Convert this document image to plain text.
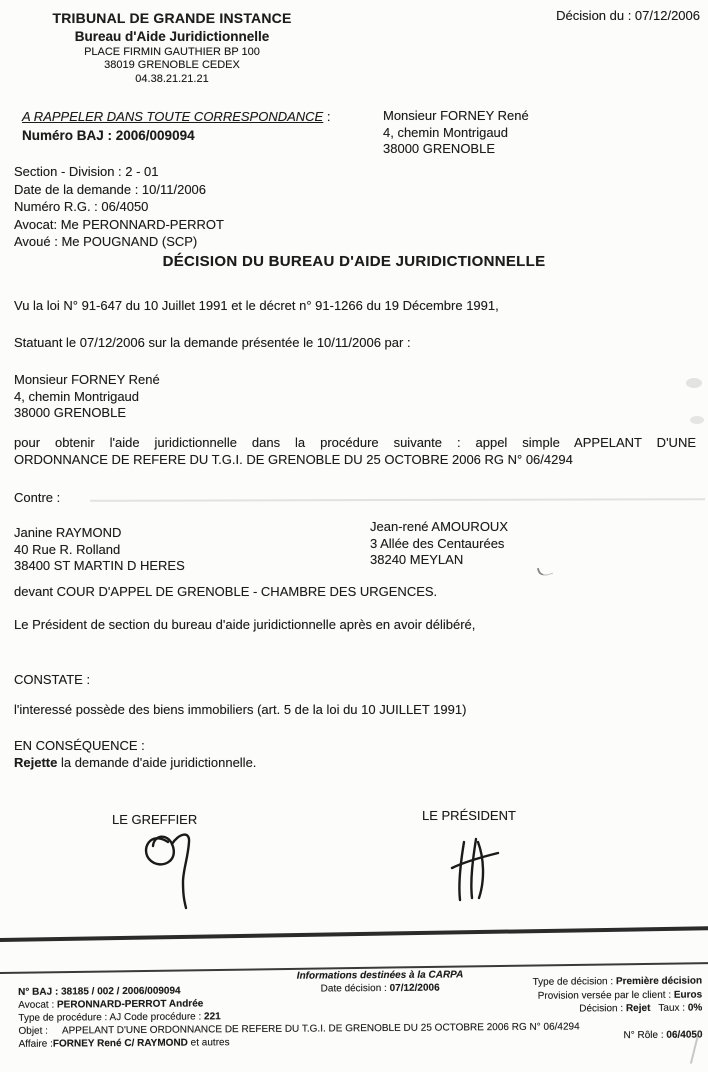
TRIBUNAL DE GRANDE INSTANCE
Bureau d'Aide Juridictionnelle
PLACE FIRMIN GAUTHIER BP 100
38019 GRENOBLE CEDEX
04.38.21.21.21
Décision du : 07/12/2006
A RAPPELER DANS TOUTE CORRESPONDANCE :
Numéro BAJ : 2006/009094
Monsieur FORNEY René
4, chemin Montrigaud
38000 GRENOBLE
Section - Division : 2 - 01
Date de la demande : 10/11/2006
Numéro R.G. : 06/4050
Avocat: Me PERONNARD-PERROT
Avoué : Me POUGNAND (SCP)
DÉCISION DU BUREAU D'AIDE JURIDICTIONNELLE
Vu la loi N° 91-647 du 10 Juillet 1991 et le décret n° 91-1266 du 19 Décembre 1991,
Statuant le 07/12/2006 sur la demande présentée le 10/11/2006 par :
Monsieur FORNEY René
4, chemin Montrigaud
38000 GRENOBLE
pour obtenir l'aide juridictionnelle dans la procédure suivante : appel simple APPELANT D'UNE
ORDONNANCE DE REFERE DU T.G.I. DE GRENOBLE DU 25 OCTOBRE 2006 RG N° 06/4294
Contre :
Janine RAYMOND
40 Rue R. Rolland
38400 ST MARTIN D HERES
Jean-rené AMOUROUX
3 Allée des Centaurées
38240 MEYLAN
devant COUR D'APPEL DE GRENOBLE - CHAMBRE DES URGENCES.
Le Président de section du bureau d'aide juridictionnelle après en avoir délibéré,
CONSTATE :
l'interessé possède des biens immobiliers (art. 5 de la loi du 10 JUILLET 1991)
EN CONSÉQUENCE :
Rejette la demande d'aide juridictionnelle.
LE GREFFIER	LE PRÉSIDENT
Informations destinées à la CARPA
Date décision : 07/12/2006
N° BAJ : 38185 / 002 / 2006/009094
Avocat : PERONNARD-PERROT Andrée
Type de procédure : AJ Code procédure : 221
Objet : APPELANT D'UNE ORDONNANCE DE REFERE DU T.G.I. DE GRENOBLE DU 25 OCTOBRE 2006 RG N° 06/4294
Affaire :FORNEY René C/ RAYMOND et autres
Type de décision : Première décision
Provision versée par le client : Euros
Décision : Rejet Taux : 0%
N° Rôle : 06/4050
